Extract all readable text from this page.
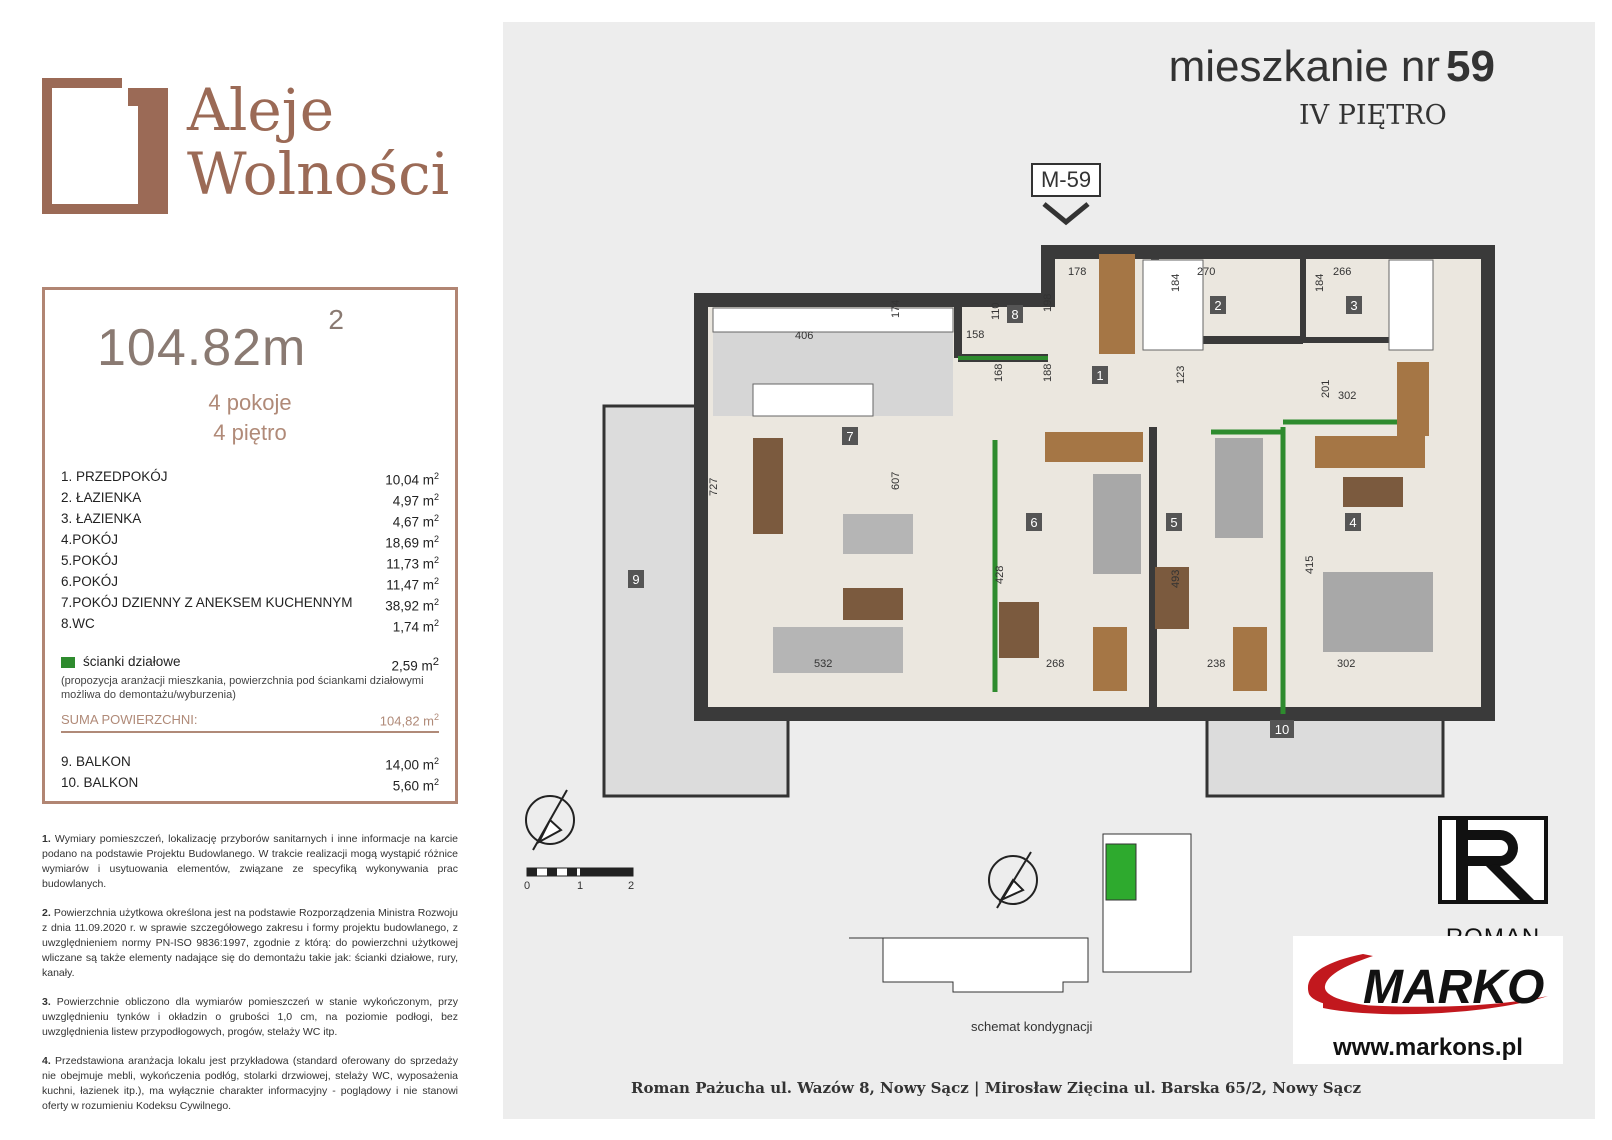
Aleje
Wolności
104.82m $^2$
4 pokoje
4 piętro
1. PRZEDPOKÓJ	10,04 $m^2$
2. ŁAZIENKA	4,97 $m^2$
3. ŁAZIENKA	4,67 $m^2$
4.POKÓJ	18,69 $m^2$
5.POKÓJ	11,73 $m^2$
6.POKÓJ	11,47 $m^2$
7.POKÓJ DZIENNY Z ANEKSEM KUCHENNYM 38,92 $m^2$
8.WC	1,74 $m^2$
ścianki działowe	2,59 $m^2$
(propozycja aranżacji mieszkania, powierzchnia pod ściankami działowymi możliwa do demontażu/wyburzenia)
SUMA POWIERZCHNI:	104,82 $m^2$
9. BALKON	14,00 $m^2$
10. BALKON	5,60 $m^2$

1. Wymiary pomieszczeń, lokalizację przyborów sanitarnych i inne informacje na karcie podano na podstawie Projektu Budowlanego. W trakcie realizacji mogą wystąpić różnice wymiarów i usytuowania elementów, związane ze specyfiką wykonywania prac budowlanych.

2. Powierzchnia użytkowa określona jest na podstawie Rozporządzenia Ministra Rozwoju z dnia 11.09.2020 r. w sprawie szczegółowego zakresu i formy projektu budowlanego, z uwzględnieniem normy PN-ISO 9836:1997, zgodnie z którą: do powierzchni użytkowej wliczane są także elementy nadające się do demontażu takie jak: ścianki działowe, rury, kanały.

3. Powierzchnie obliczono dla wymiarów pomieszczeń w stanie wykończonym, przy uwzględnieniu tynków i okładzin o grubości 1,0 cm, na poziomie podłogi, bez uwzględnienia listew przypodłogowych, progów, stelaży WC itp.

4. Przedstawiona aranżacja lokalu jest przykładowa (standard oferowany do sprzedaży nie obejmuje mebli, wykończenia podłóg, stolarki drzwiowej, stelaży WC, wyposażenia kuchni, łazienek itp.), ma wyłącznie charakter informacyjny - poglądowy i nie stanowi oferty w rozumieniu Kodeksu Cywilnego.

mieszkanie nr 59
IV PIĘTRO
M-59
1
2	3
4
5
6
7
8
9
10
178
198
270
184
266
184
406
174	110
158
168	188	123
201 302
727	607
428	493
415
532	268	238	302
0	1	2
schemat kondygnacji
MARKO
www.markons.pl
Roman Pażucha ul. Wazów 8, Nowy Sącz | Mirosław Zięcina ul. Barska 65/2, Nowy Sącz
